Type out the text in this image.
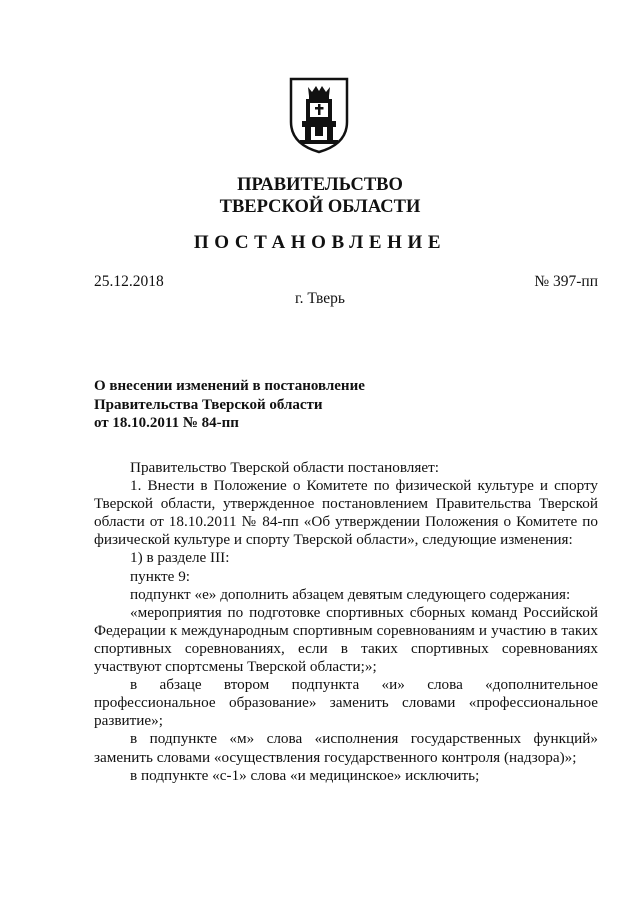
ПРАВИТЕЛЬСТВО
ТВЕРСКОЙ ОБЛАСТИ
ПОСТАНОВЛЕНИЕ
25.12.2018	№ 397-пп
г. Тверь
О внесении изменений в постановление
Правительства Тверской области
от 18.10.2011 № 84-пп

Правительство Тверской области постановляет:

1. Внести в Положение о Комитете по физической культуре и спорту Тверской области, утвержденное постановлением Правительства Тверской области от 18.10.2011 № 84-пп «Об утверждении Положения о Комитете по физической культуре и спорту Тверской области», следующие изменения:

1) в разделе III:

пункте 9:

подпункт «е» дополнить абзацем девятым следующего содержания:

«мероприятия по подготовке спортивных сборных команд Российской Федерации к международным спортивным соревнованиям и участию в таких спортивных соревнованиях, если в таких спортивных соревнованиях участвуют спортсмены Тверской области;»;

в абзаце втором подпункта «и» слова «дополнительное профессиональное образование» заменить словами «профессиональное развитие»;

в подпункте «м» слова «исполнения государственных функций» заменить словами «осуществления государственного контроля (надзора)»;

в подпункте «с-1» слова «и медицинское» исключить;
